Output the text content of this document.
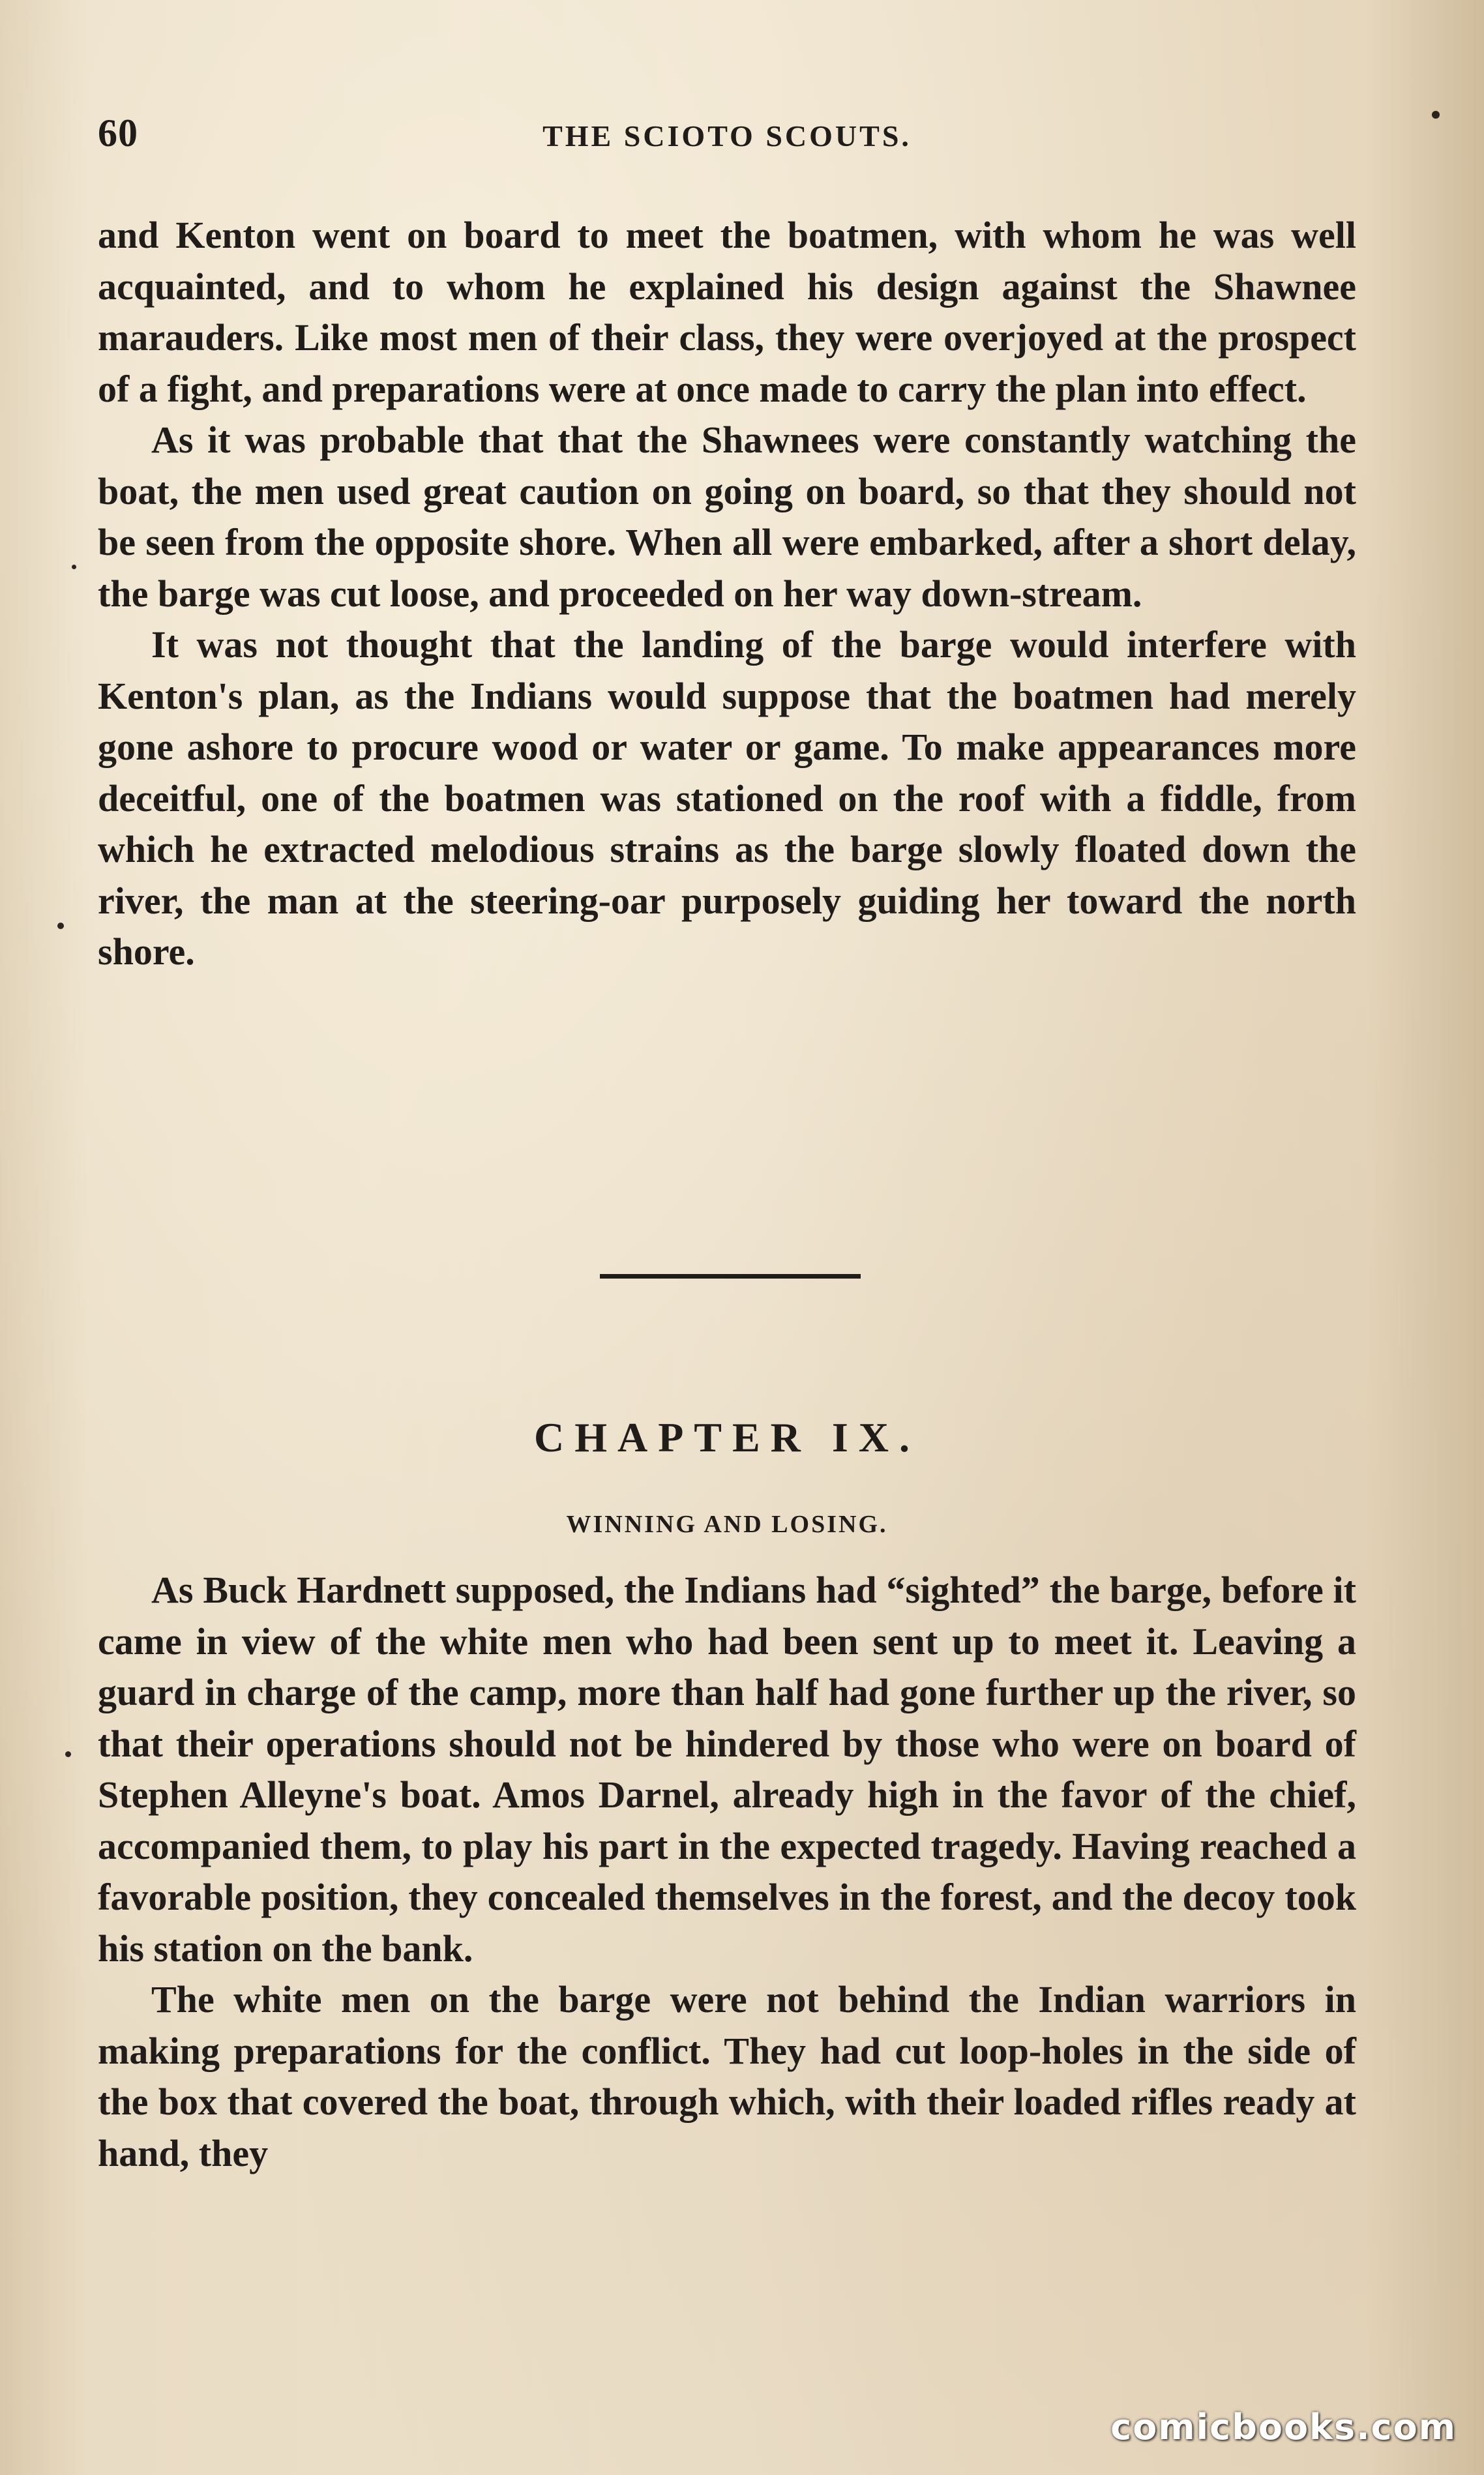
60	THE SCIOTO SCOUTS.

and Kenton went on board to meet the boatmen, with whom he was well acquainted, and to whom he explained his design against the Shawnee marauders. Like most men of their class, they were overjoyed at the prospect of a fight, and preparations were at once made to carry the plan into effect.

As it was probable that that the Shawnees were constantly watching the boat, the men used great caution on going on board, so that they should not be seen from the opposite shore. When all were embarked, after a short delay, the barge was cut loose, and proceeded on her way down-stream.

It was not thought that the landing of the barge would interfere with Kenton's plan, as the Indians would suppose that the boatmen had merely gone ashore to procure wood or water or game. To make appearances more deceitful, one of the boatmen was stationed on the roof with a fiddle, from which he extracted melodious strains as the barge slowly floated down the river, the man at the steering-oar purposely guiding her toward the north shore.

CHAPTER IX.
WINNING AND LOSING.

As Buck Hardnett supposed, the Indians had “sighted” the barge, before it came in view of the white men who had been sent up to meet it. Leaving a guard in charge of the camp, more than half had gone further up the river, so that their operations should not be hindered by those who were on board of Stephen Alleyne's boat. Amos Darnel, already high in the favor of the chief, accompanied them, to play his part in the expected tragedy. Having reached a favorable position, they concealed themselves in the forest, and the decoy took his station on the bank.

The white men on the barge were not behind the Indian warriors in making preparations for the conflict. They had cut loop-holes in the side of the box that covered the boat, through which, with their loaded rifles ready at hand, they

comicbooks.com
